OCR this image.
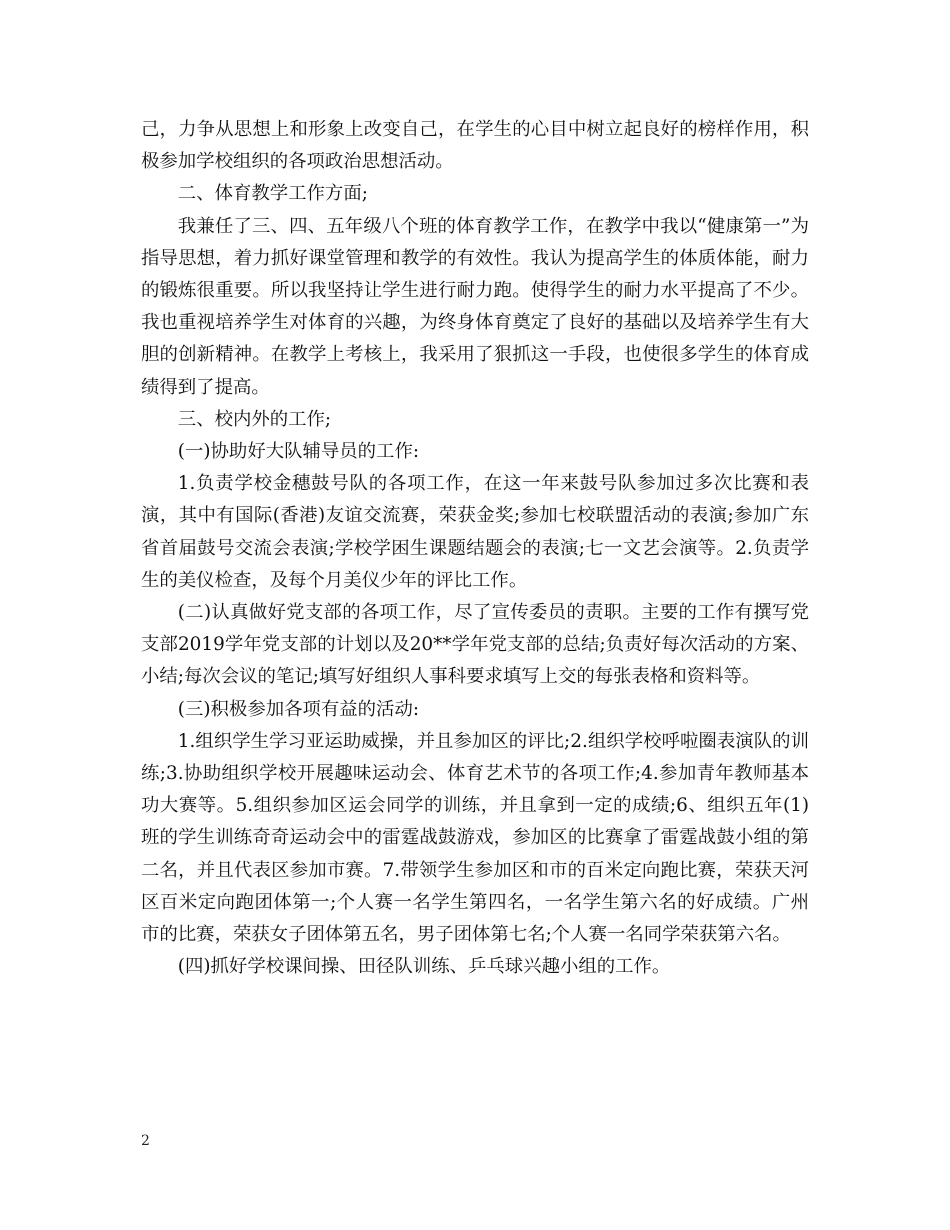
己，力争从思想上和形象上改变自己，在学生的心目中树立起良好的榜样作用，积极参加学校组织的各项政治思想活动。

二、体育教学工作方面;

我兼任了三、四、五年级八个班的体育教学工作，在教学中我以“健康第一”为指导思想，着力抓好课堂管理和教学的有效性。我认为提高学生的体质体能，耐力的锻炼很重要。所以我坚持让学生进行耐力跑。使得学生的耐力水平提高了不少。我也重视培养学生对体育的兴趣，为终身体育奠定了良好的基础以及培养学生有大胆的创新精神。在教学上考核上，我采用了狠抓这一手段，也使很多学生的体育成绩得到了提高。

三、校内外的工作;

(一)协助好大队辅导员的工作:

1.负责学校金穗鼓号队的各项工作，在这一年来鼓号队参加过多次比赛和表演，其中有国际(香港)友谊交流赛，荣获金奖;参加七校联盟活动的表演;参加广东省首届鼓号交流会表演;学校学困生课题结题会的表演;七一文艺会演等。2.负责学生的美仪检查，及每个月美仪少年的评比工作。

(二)认真做好党支部的各项工作，尽了宣传委员的责职。主要的工作有撰写党支部2019学年党支部的计划以及20**学年党支部的总结;负责好每次活动的方案、小结;每次会议的笔记;填写好组织人事科要求填写上交的每张表格和资料等。

(三)积极参加各项有益的活动:

1.组织学生学习亚运助威操，并且参加区的评比;2.组织学校呼啦圈表演队的训练;3.协助组织学校开展趣味运动会、体育艺术节的各项工作;4.参加青年教师基本功大赛等。5.组织参加区运会同学的训练，并且拿到一定的成绩;6、组织五年(1)班的学生训练奇奇运动会中的雷霆战鼓游戏，参加区的比赛拿了雷霆战鼓小组的第二名，并且代表区参加市赛。7.带领学生参加区和市的百米定向跑比赛，荣获天河区百米定向跑团体第一;个人赛一名学生第四名，一名学生第六名的好成绩。广州市的比赛，荣获女子团体第五名，男子团体第七名;个人赛一名同学荣获第六名。

(四)抓好学校课间操、田径队训练、乒乓球兴趣小组的工作。

2
